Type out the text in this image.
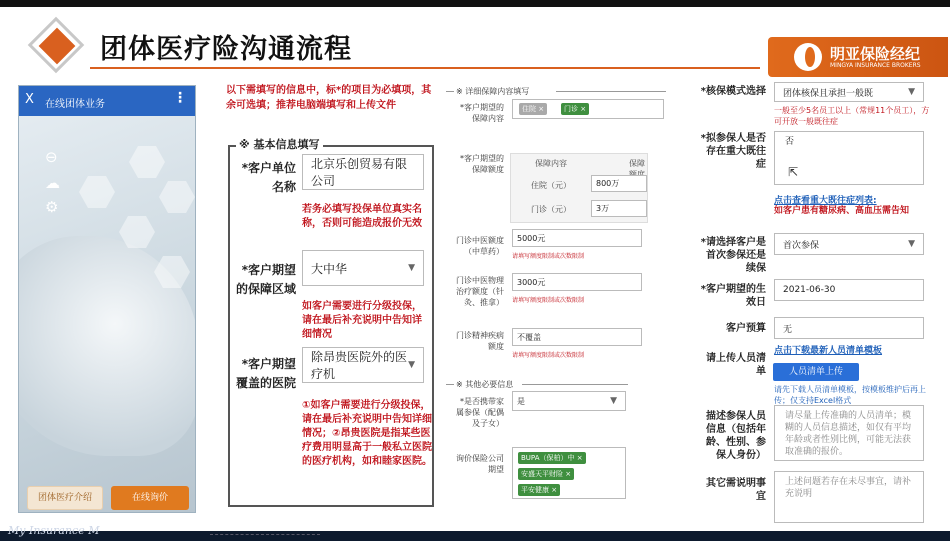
团体医疗险沟通流程	明亚保险经纪
MINGYA INSURANCE BROKERS
⊖
☁
⚙
X 在线团体业务	⋮
团体医疗介绍	在线询价
以下需填写的信息中，标*的项目为必填项，其余可选填；推荐电脑端填写和上传文件
※ 基本信息填写
*客户单位名称
北京乐创贸易有限公司
若务必填写投保单位真实名称，否则可能造成报价无效
*客户期望的保障区域
大中华 ▼
如客户需要进行分级投保，请在最后补充说明中告知详细情况
*客户期望覆盖的医院
除昂贵医院外的医疗机 ▼
①如客户需要进行分级投保，请在最后补充说明中告知详细情况；②昂贵医院是指某些医疗费用明显高于一般私立医院的医疗机构，如和睦家医院。
※ 详细保障内容填写
*客户期望的保障内容
住院 ×	门诊 ×
*客户期望的保障额度
保障内容	保障
住院（元）	800万
门诊（元）	3万
门诊中医额度（中草药）
5000元
请填写额度限制或次数限制
门诊中医物理治疗额度（针灸、推拿）
3000元
请填写额度限制或次数限制
门诊精神疾病额度
不覆盖
请填写额度限制或次数限制
※ 其他必要信息
*是否携带家属参保（配偶及子女）
是 ▼
询价保险公司期望
BUPA（保柏）中 ×
安盛天平财险 ×
平安健康 ×
*核保模式选择	团体核保且承担一般既 ▼
一般至少5名员工以上（常规11个员工），方可开放一般既往症
*拟参保人是否存在重大既往症
否
⇱
点击查看重大既往症列表:
如客户患有糖尿病、高血压需告知
*请选择客户是首次参保还是续保
首次参保 ▼
*客户期望的生效日
2021-06-30
客户预算	无
点击下载最新人员清单模板
请上传人员清单	人员清单上传
请先下载人员清单模板，按模板维护后再上传；仅支持Excel格式
描述参保人员信息（包括年龄、性别、参保人身份）
请尽量上传准确的人员清单；模糊的人员信息描述，如仅有平均年龄或者性别比例，可能无法获取准确的报价。
其它需说明事宜
上述问题若存在未尽事宜，请补充说明
My Insurance M
